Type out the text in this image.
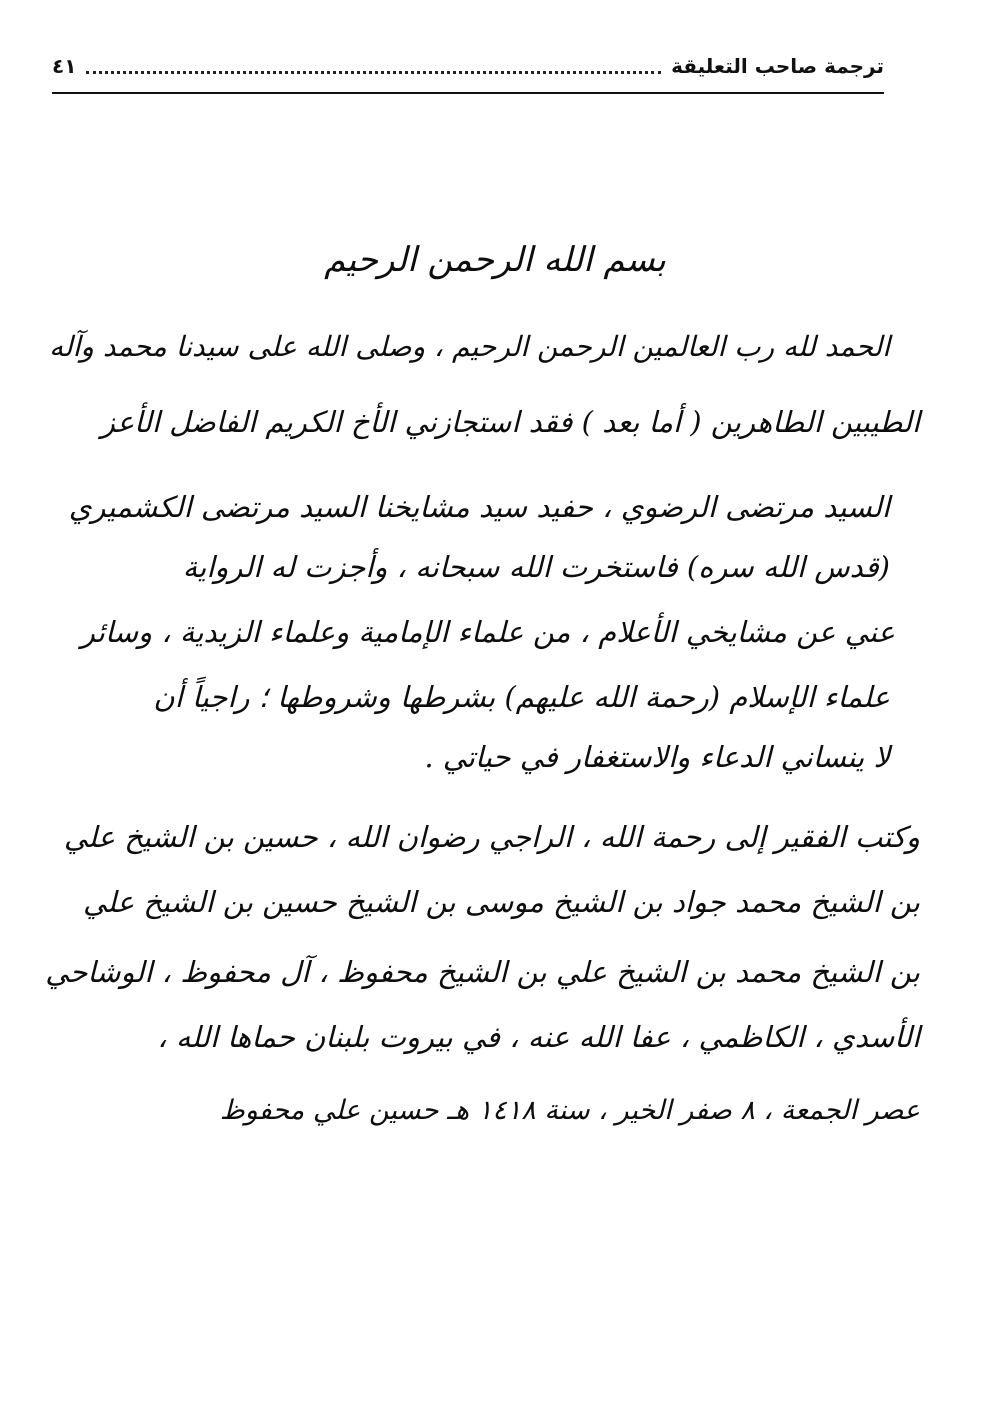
ترجمة صاحب التعليقة
٤١
بسم الله الرحمن الرحيم
الحمد لله رب العالمين الرحمن الرحيم ، وصلى الله على سيدنا محمد وآله
الطيبين الطاهرين ( أما بعد ) فقد استجازني الأخ الكريم الفاضل الأعز
السيد مرتضى الرضوي ، حفيد سيد مشايخنا السيد مرتضى الكشميري
(قدس الله سره) فاستخرت الله سبحانه ، وأجزت له الرواية
عني عن مشايخي الأعلام ، من علماء الإمامية وعلماء الزيدية ، وسائر
علماء الإسلام (رحمة الله عليهم) بشرطها وشروطها ؛ راجياً أن
لا ينساني الدعاء والاستغفار في حياتي .
وكتب الفقير إلى رحمة الله ، الراجي رضوان الله ، حسين بن الشيخ علي
بن الشيخ محمد جواد بن الشيخ موسى بن الشيخ حسين بن الشيخ علي
بن الشيخ محمد بن الشيخ علي بن الشيخ محفوظ ، آل محفوظ ، الوشاحي
الأسدي ، الكاظمي ، عفا الله عنه ، في بيروت بلبنان حماها الله ،
عصر الجمعة ، ٨ صفر الخير ، سنة ١٤١٨ هـ حسين علي محفوظ
